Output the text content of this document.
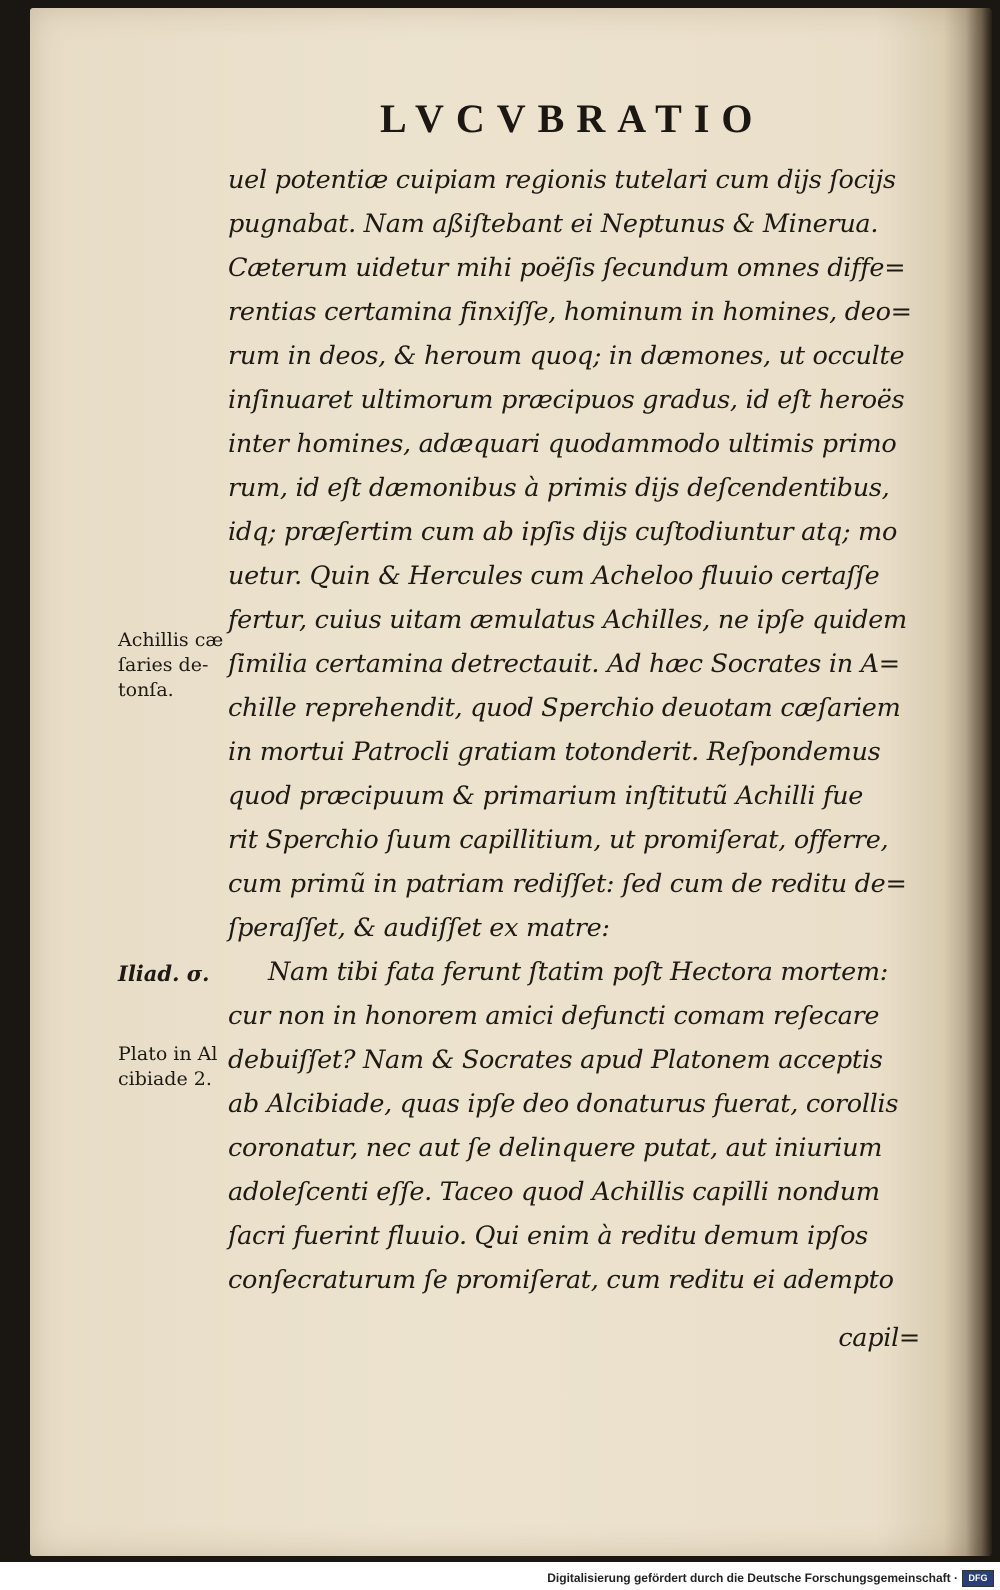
LVCVBRATIO
uel potentiæ cuipiam regionis tutelari cum dijs ſocijs
pugnabat. Nam aßiſtebant ei Neptunus & Minerua.
Cæterum uidetur mihi poëſis ſecundum omnes diffe=
rentias certamina finxiſſe, hominum in homines, deo=
rum in deos, & heroum quoq; in dæmones, ut occulte
inſinuaret ultimorum præcipuos gradus, id eſt heroës
inter homines, adæquari quodammodo ultimis primo
rum, id eſt dæmonibus à primis dijs deſcendentibus,
idq; præſertim cum ab ipſis dijs cuſtodiuntur atq; mo
uetur. Quin & Hercules cum Acheloo fluuio certaſſe
fertur, cuius uitam æmulatus Achilles, ne ipſe quidem
ſimilia certamina detrectauit. Ad hæc Socrates in A=
chille reprehendit, quod Sperchio deuotam cæſariem
in mortui Patrocli gratiam totonderit. Reſpondemus
quod præcipuum & primarium inſtitutũ Achilli fue
rit Sperchio ſuum capillitium, ut promiſerat, offerre,
cum primũ in patriam rediſſet: ſed cum de reditu de=
ſperaſſet, & audiſſet ex matre:
Nam tibi fata ferunt ſtatim poſt Hectora mortem:
cur non in honorem amici defuncti comam reſecare
debuiſſet? Nam & Socrates apud Platonem acceptis
ab Alcibiade, quas ipſe deo donaturus fuerat, corollis
coronatur, nec aut ſe delinquere putat, aut iniurium
adoleſcenti eſſe. Taceo quod Achillis capilli nondum
ſacri fuerint fluuio. Qui enim à reditu demum ipſos
conſecraturum ſe promiſerat, cum reditu ei adempto
capil=
Achillis cæ
ſaries de-
tonſa.
Iliad. σ.
Plato in Al
cibiade 2.
Digitalisierung gefördert durch die Deutsche Forschungsgemeinschaft ·	DFG
